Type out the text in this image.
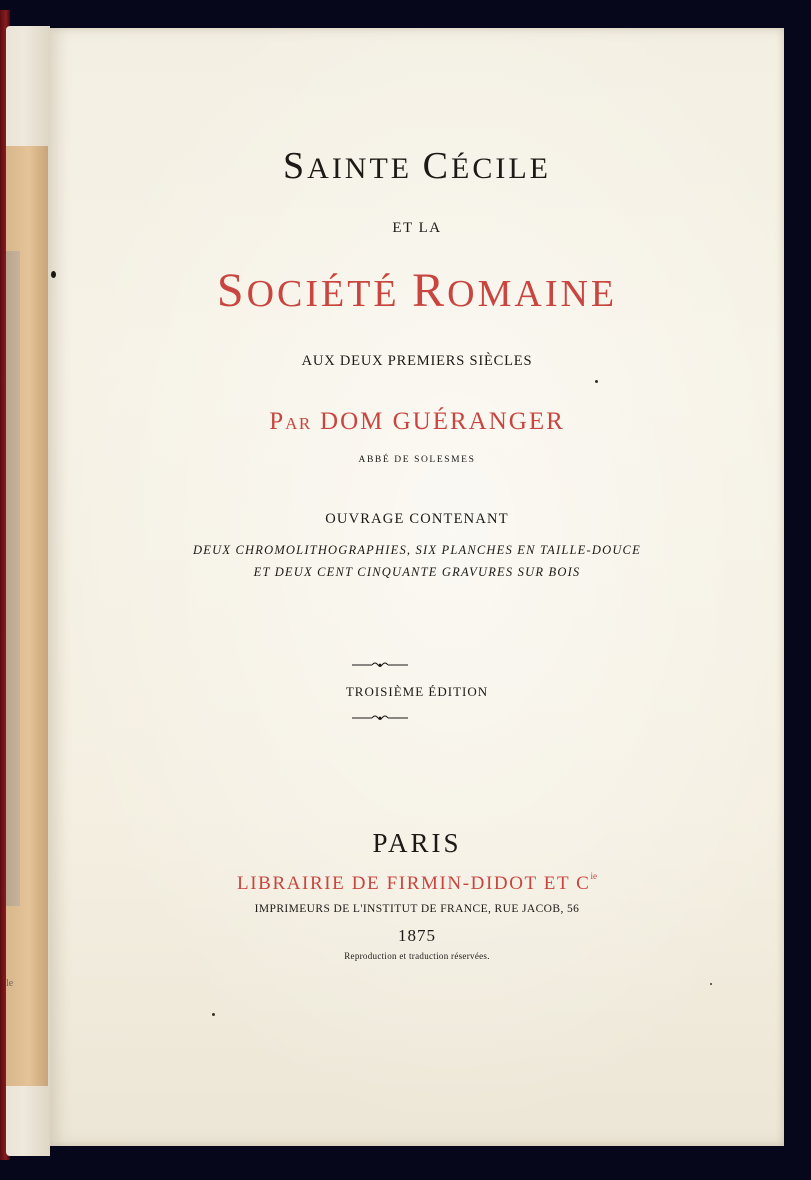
le
SAINTE CÉCILE
ET LA
SOCIÉTÉ ROMAINE
AUX DEUX PREMIERS SIÈCLES
PAR DOM GUÉRANGER
ABBÉ DE SOLESMES
OUVRAGE CONTENANT
DEUX CHROMOLITHOGRAPHIES, SIX PLANCHES EN TAILLE-DOUCE
ET DEUX CENT CINQUANTE GRAVURES SUR BOIS
TROISIÈME ÉDITION
PARIS
LIBRAIRIE DE FIRMIN-DIDOT ET $C^{ie}$
IMPRIMEURS DE L'INSTITUT DE FRANCE, RUE JACOB, 56
1875
Reproduction et traduction réservées.
